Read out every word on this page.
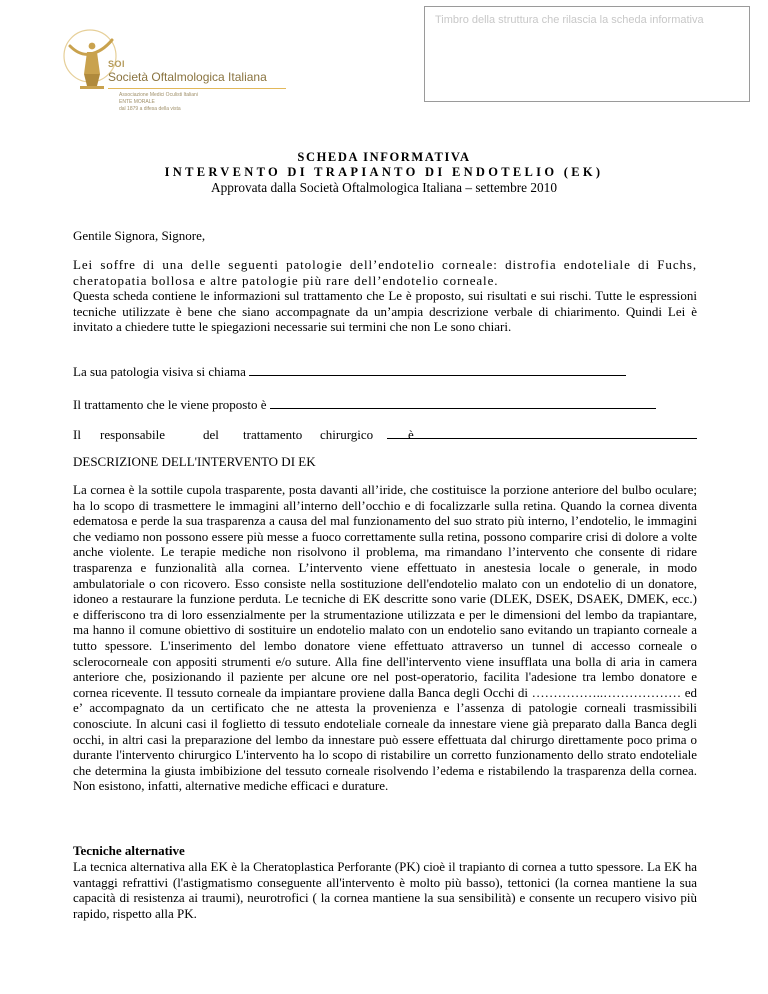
Timbro della struttura che rilascia la scheda informativa
SOI
Società Oftalmologica Italiana
Associazione Medici Oculisti Italiani
ENTE MORALE
dal 1879 a difesa della vista
SCHEDA INFORMATIVA
INTERVENTO DI TRAPIANTO DI ENDOTELIO (EK)
Approvata dalla Società Oftalmologica Italiana – settembre 2010

Gentile Signora, Signore,

Lei soffre di una delle seguenti patologie dell’endotelio corneale: distrofia endoteliale di Fuchs, cheratopatia bollosa e altre patologie più rare dell’endotelio corneale.

Questa scheda contiene le informazioni sul trattamento che Le è proposto, sui risultati e sui rischi. Tutte le espressioni tecniche utilizzate è bene che siano accompagnate da un’ampia descrizione verbale di chiarimento. Quindi Lei è invitato a chiedere tutte le spiegazioni necessarie sui termini che non Le sono chiari.

La sua patologia visiva si chiama
Il trattamento che le viene proposto è
Il responsabile	del trattamento chirurgico	è
DESCRIZIONE DELL'INTERVENTO DI EK

La cornea è la sottile cupola trasparente, posta davanti all’iride, che costituisce la porzione anteriore del bulbo oculare; ha lo scopo di trasmettere le immagini all’interno dell’occhio e di focalizzarle sulla retina. Quando la cornea diventa edematosa e perde la sua trasparenza a causa del mal funzionamento del suo strato più interno, l’endotelio, le immagini che vediamo non possono essere più messe a fuoco correttamente sulla retina, possono comparire crisi di dolore a volte anche violente. Le terapie mediche non risolvono il problema, ma rimandano l’intervento che consente di ridare trasparenza e funzionalità alla cornea. L’intervento viene effettuato in anestesia locale o generale, in modo ambulatoriale o con ricovero. Esso consiste nella sostituzione dell'endotelio malato con un endotelio di un donatore, idoneo a restaurare la funzione perduta. Le tecniche di EK descritte sono varie (DLEK, DSEK, DSAEK, DMEK, ecc.) e differiscono tra di loro essenzialmente per la strumentazione utilizzata e per le dimensioni del lembo da trapiantare, ma hanno il comune obiettivo di sostituire un endotelio malato con un endotelio sano evitando un trapianto corneale a tutto spessore. L'inserimento del lembo donatore viene effettuato attraverso un tunnel di accesso corneale o sclerocorneale con appositi strumenti e/o suture. Alla fine dell'intervento viene insufflata una bolla di aria in camera anteriore che, posizionando il paziente per alcune ore nel post-operatorio, facilita l'adesione tra lembo donatore e cornea ricevente. Il tessuto corneale da impiantare proviene dalla Banca degli Occhi di ……………..……………… ed e’ accompagnato da un certificato che ne attesta la provenienza e l’assenza di patologie corneali trasmissibili conosciute. In alcuni casi il foglietto di tessuto endoteliale corneale da innestare viene già preparato dalla Banca degli occhi, in altri casi la preparazione del lembo da innestare può essere effettuata dal chirurgo direttamente poco prima o durante l'intervento chirurgico L'intervento ha lo scopo di ristabilire un corretto funzionamento dello strato endoteliale che determina la giusta imbibizione del tessuto corneale risolvendo l’edema e ristabilendo la trasparenza della cornea. Non esistono, infatti, alternative mediche efficaci e durature.

Tecniche alternative

La tecnica alternativa alla EK è la Cheratoplastica Perforante (PK) cioè il trapianto di cornea a tutto spessore. La EK ha vantaggi refrattivi (l'astigmatismo conseguente all'intervento è molto più basso), tettonici (la cornea mantiene la sua capacità di resistenza ai traumi), neurotrofici ( la cornea mantiene la sua sensibilità) e consente un recupero visivo più rapido, rispetto alla PK.
